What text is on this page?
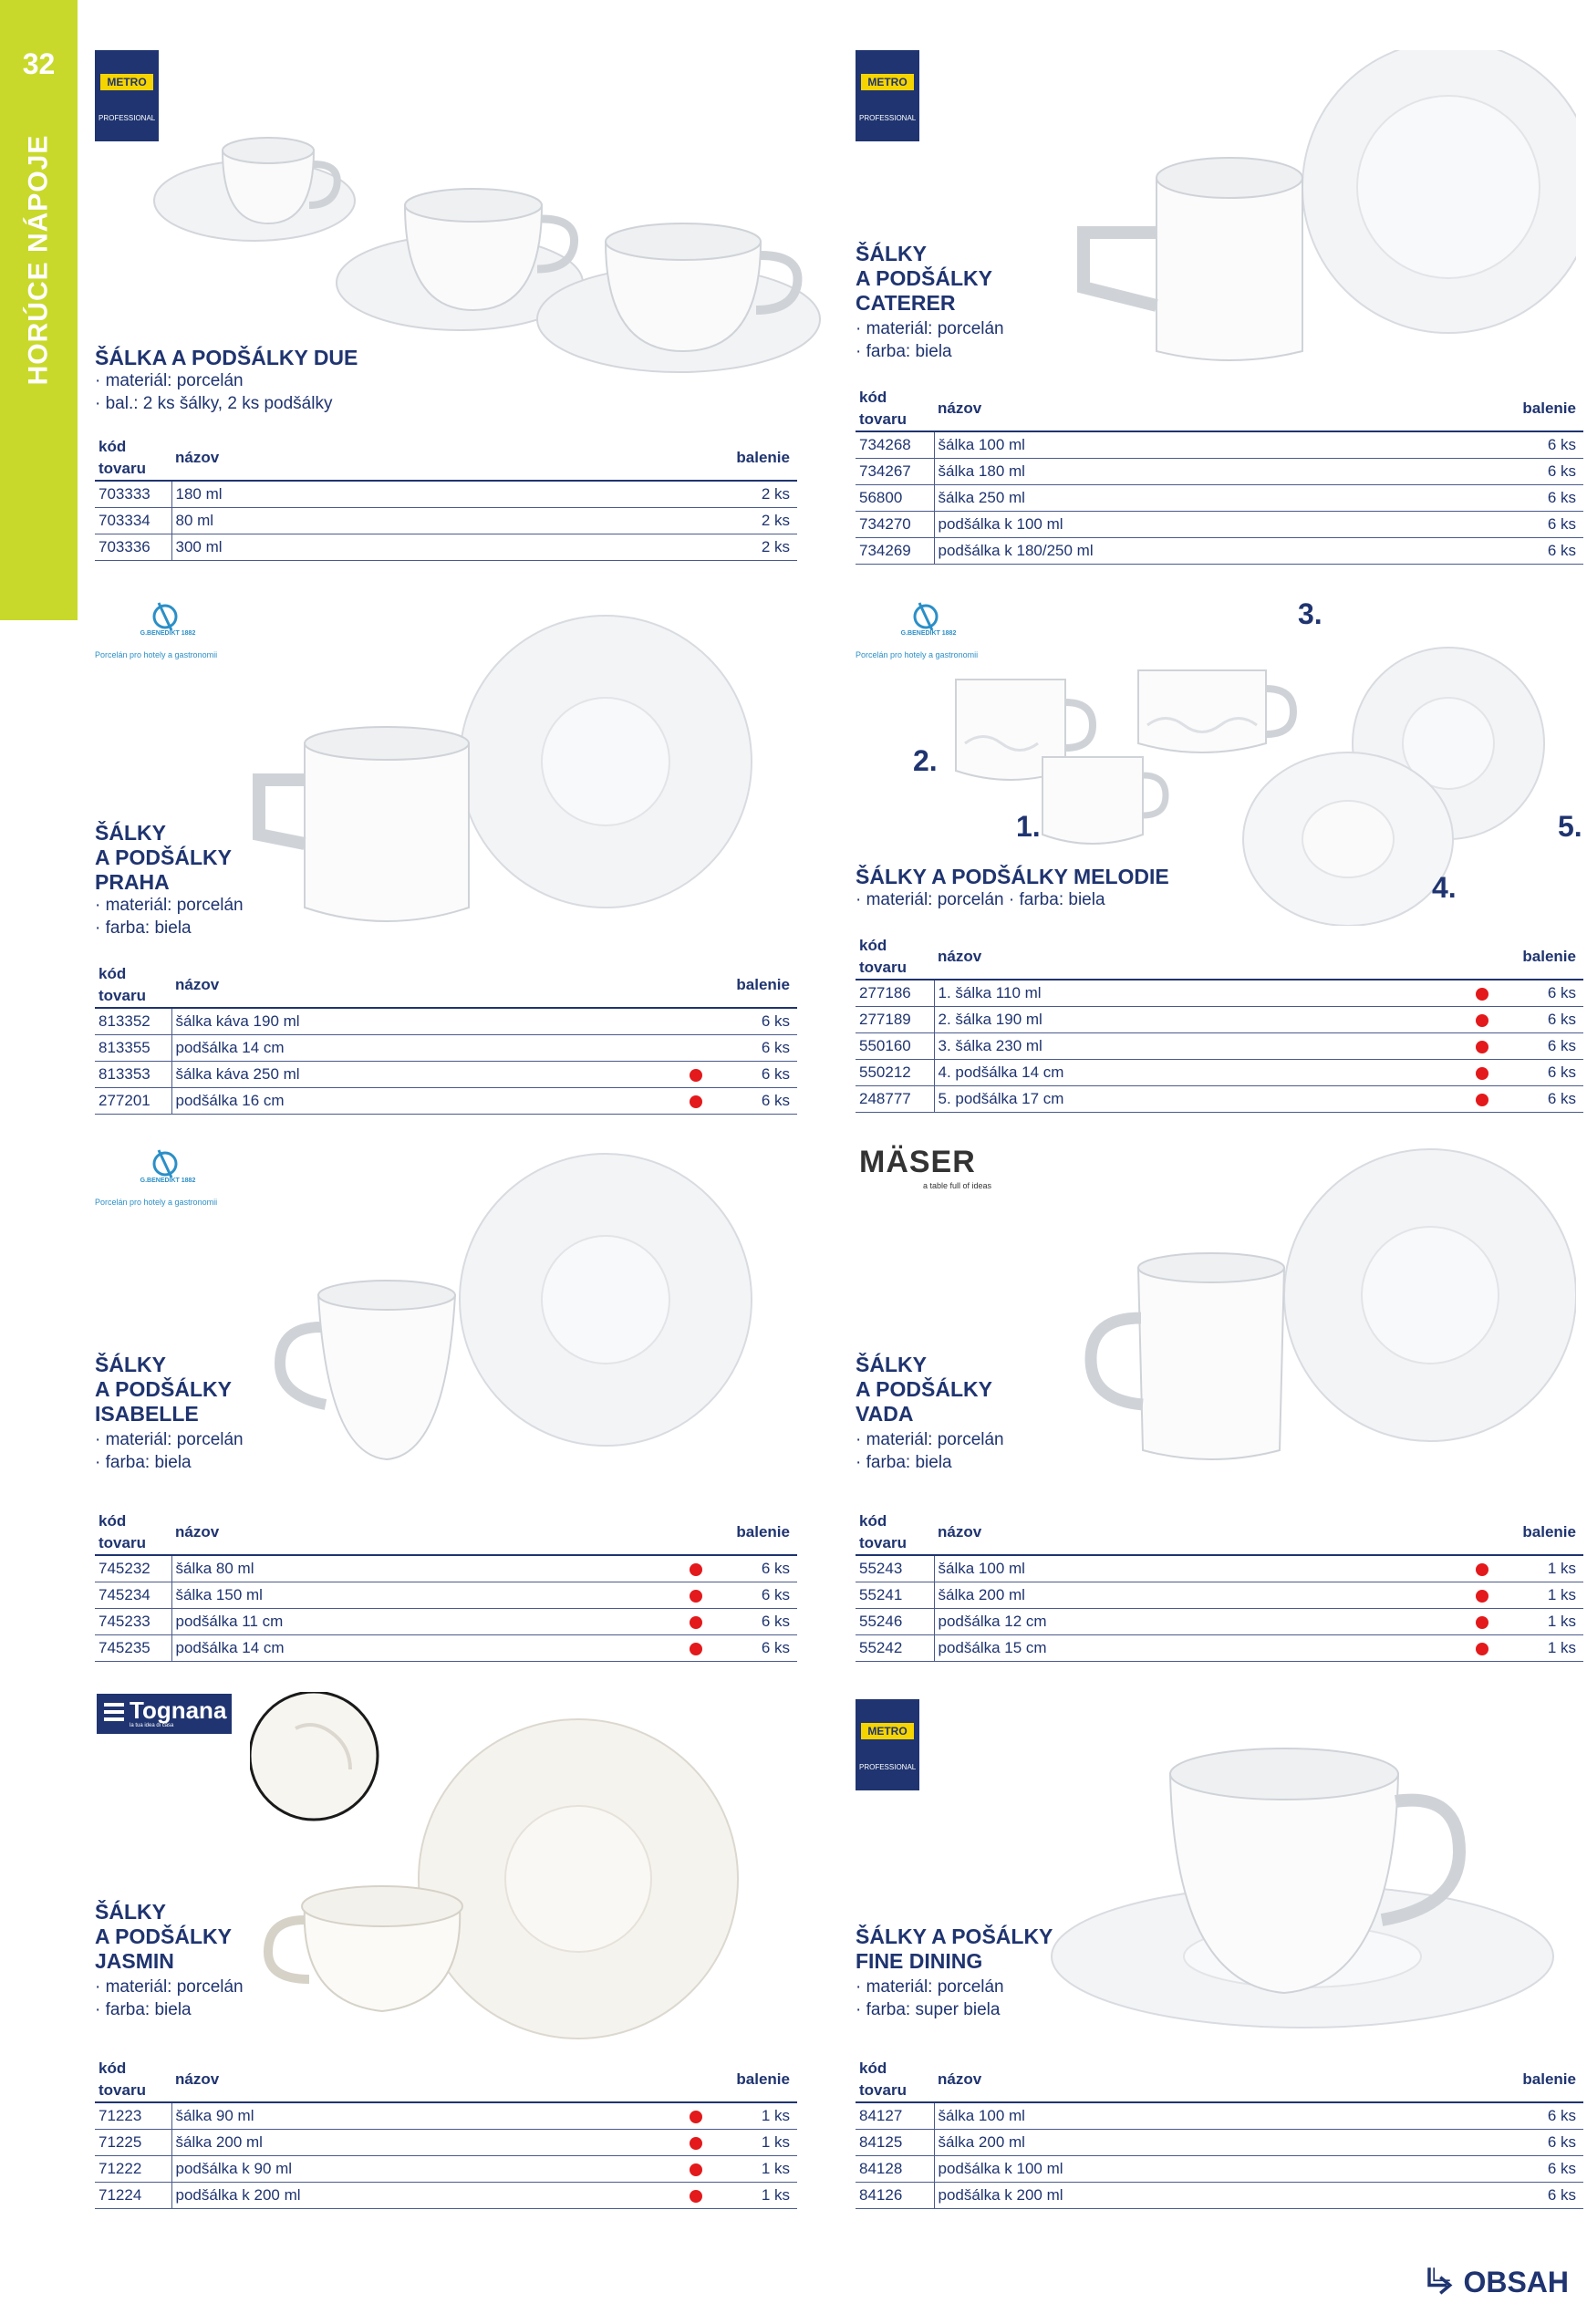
32
HORÚCE NÁPOJE
METRO
PROFESSIONAL
ŠÁLKA A PODŠÁLKY DUE
· materiál: porcelán
· bal.: 2 ks šálky, 2 ks podšálky
kód tovaru	názov		balenie
703333	180 ml		2 ks
703334	80 ml		2 ks
703336	300 ml		2 ks
METRO
PROFESSIONAL
ŠÁLKY
A PODŠÁLKY
CATERER
· materiál: porcelán
· farba: biela
kód tovaru	názov		balenie
734268	šálka 100 ml		6 ks
734267	šálka 180 ml		6 ks
56800	šálka 250 ml		6 ks
734270	podšálka k 100 ml		6 ks
734269	podšálka k 180/250 ml		6 ks
G.BENEDIKT 1882
Porcelán pro hotely a gastronomii
ŠÁLKY
A PODŠÁLKY
PRAHA
· materiál: porcelán
· farba: biela
kód tovaru	názov		balenie
813352	šálka káva 190 ml		6 ks
813355	podšálka 14 cm		6 ks
813353	šálka káva 250 ml		6 ks
277201	podšálka 16 cm		6 ks
G.BENEDIKT 1882
Porcelán pro hotely a gastronomii
3.
2.
1.	5.
4.
ŠÁLKY A PODŠÁLKY MELODIE
· materiál: porcelán · farba: biela
kód tovaru	názov		balenie
277186	1. šálka 110 ml		6 ks
277189	2. šálka 190 ml		6 ks
550160	3. šálka 230 ml		6 ks
550212	4. podšálka 14 cm		6 ks
248777	5. podšálka 17 cm		6 ks
G.BENEDIKT 1882
Porcelán pro hotely a gastronomii
ŠÁLKY
A PODŠÁLKY
ISABELLE
· materiál: porcelán
· farba: biela
kód tovaru	názov		balenie
745232	šálka 80 ml		6 ks
745234	šálka 150 ml		6 ks
745233	podšálka 11 cm		6 ks
745235	podšálka 14 cm		6 ks
MÄSER
a table full of ideas
ŠÁLKY
A PODŠÁLKY
VADA
· materiál: porcelán
· farba: biela
kód tovaru	názov		balenie
55243	šálka 100 ml		1 ks
55241	šálka 200 ml		1 ks
55246	podšálka 12 cm		1 ks
55242	podšálka 15 cm		1 ks
Tognana
la tua idea di casa
ŠÁLKY
A PODŠÁLKY
JASMIN
· materiál: porcelán
· farba: biela
kód tovaru	názov		balenie
71223	šálka 90 ml		1 ks
71225	šálka 200 ml		1 ks
71222	podšálka k 90 ml		1 ks
71224	podšálka k 200 ml		1 ks
METRO
PROFESSIONAL
ŠÁLKY A POŠÁLKY
FINE DINING
· materiál: porcelán
· farba: super biela
kód tovaru	názov		balenie
84127	šálka 100 ml		6 ks
84125	šálka 200 ml		6 ks
84128	podšálka k 100 ml		6 ks
84126	podšálka k 200 ml		6 ks
OBSAH
